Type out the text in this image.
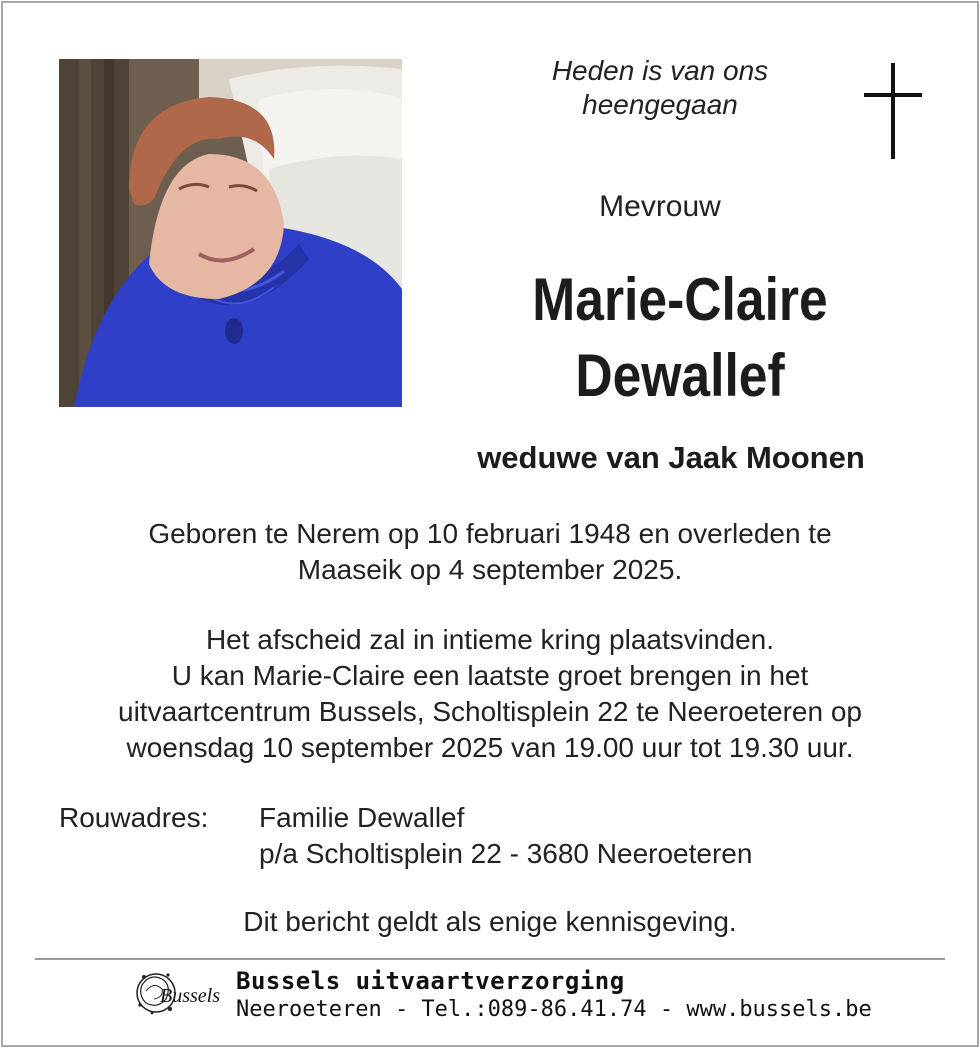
Heden is van ons
heengegaan
Mevrouw
Marie-Claire
Dewallef
weduwe van Jaak Moonen
Geboren te Nerem op 10 februari 1948 en overleden te
Maaseik op 4 september 2025.
Het afscheid zal in intieme kring plaatsvinden.
U kan Marie-Claire een laatste groet brengen in het
uitvaartcentrum Bussels, Scholtisplein 22 te Neeroeteren op
woensdag 10 september 2025 van 19.00 uur tot 19.30 uur.
Rouwadres: Familie Dewallef
p/a Scholtisplein 22 - 3680 Neeroeteren
Dit bericht geldt als enige kennisgeving.
Bussels
Bussels uitvaartverzorging
Neeroeteren - Tel.:089-86.41.74 - www.bussels.be
